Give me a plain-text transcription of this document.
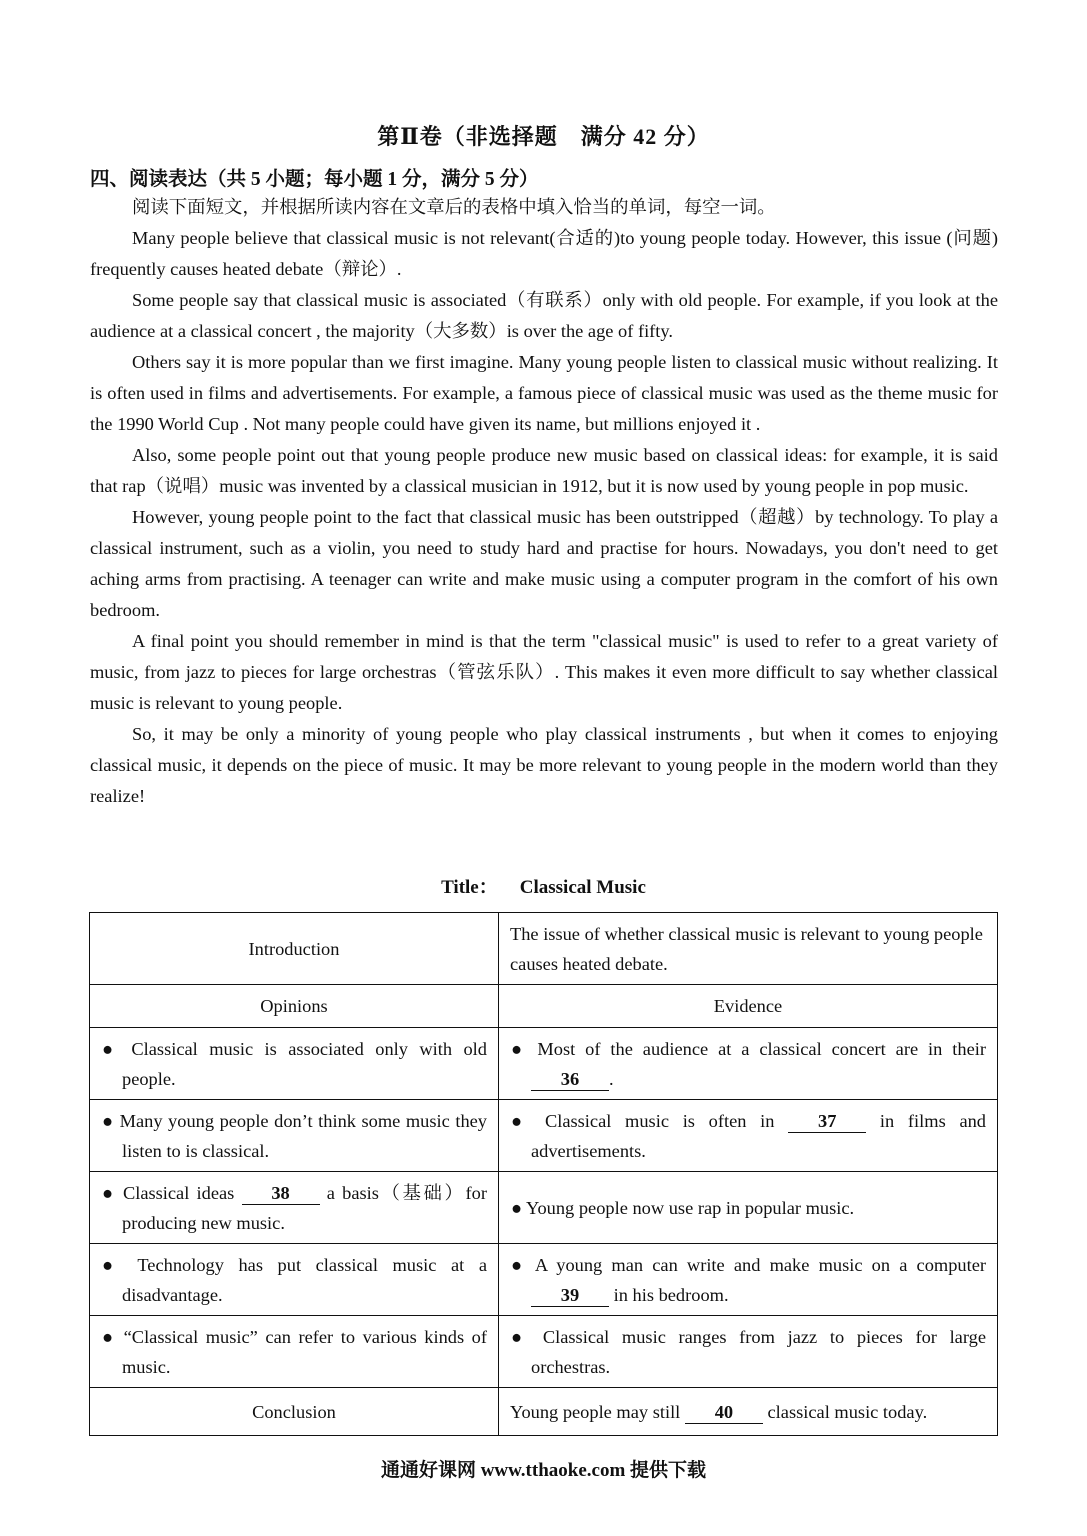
第Ⅱ卷（非选择题　满分 42 分）
四、阅读表达（共 5 小题；每小题 1 分，满分 5 分）

阅读下面短文，并根据所读内容在文章后的表格中填入恰当的单词，每空一词。

Many people believe that classical music is not relevant(合适的)to young people today. However, this issue (问题) frequently causes heated debate（辩论）.

Some people say that classical music is associated（有联系）only with old people. For example, if you look at the audience at a classical concert , the majority（大多数）is over the age of fifty.

Others say it is more popular than we first imagine. Many young people listen to classical music without realizing. It is often used in films and advertisements. For example, a famous piece of classical music was used as the theme music for the 1990 World Cup . Not many people could have given its name, but millions enjoyed it .

Also, some people point out that young people produce new music based on classical ideas: for example, it is said that rap（说唱）music was invented by a classical musician in 1912, but it is now used by young people in pop music.

However, young people point to the fact that classical music has been outstripped（超越）by technology. To play a classical instrument, such as a violin, you need to study hard and practise for hours. Nowadays, you don't need to get aching arms from practising. A teenager can write and make music using a computer program in the comfort of his own bedroom.

A final point you should remember in mind is that the term "classical music" is used to refer to a great variety of music, from jazz to pieces for large orchestras（管弦乐队）. This makes it even more difficult to say whether classical music is relevant to young people.

So, it may be only a minority of young people who play classical instruments , but when it comes to enjoying classical music, it depends on the piece of music. It may be more relevant to young people in the modern world than they realize!

Title： Classical Music
Introduction	The issue of whether classical music is relevant to young people causes heated debate.
Opinions	Evidence
● Classical music is associated only with old people.	● Most of the audience at a classical concert are in their 36 .
● Many young people don’t think some music they listen to is classical.	● Classical music is often in 37 in films and advertisements.
● Classical ideas 38 a basis（基础）for producing new music.	● Young people now use rap in popular music.
● Technology has put classical music at a disadvantage.	● A young man can write and make music on a computer 39 in his bedroom.
● “Classical music” can refer to various kinds of music.	● Classical music ranges from jazz to pieces for large orchestras.
Conclusion	Young people may still 40 classical music today.
通通好课网 www.tthaoke.com 提供下载
